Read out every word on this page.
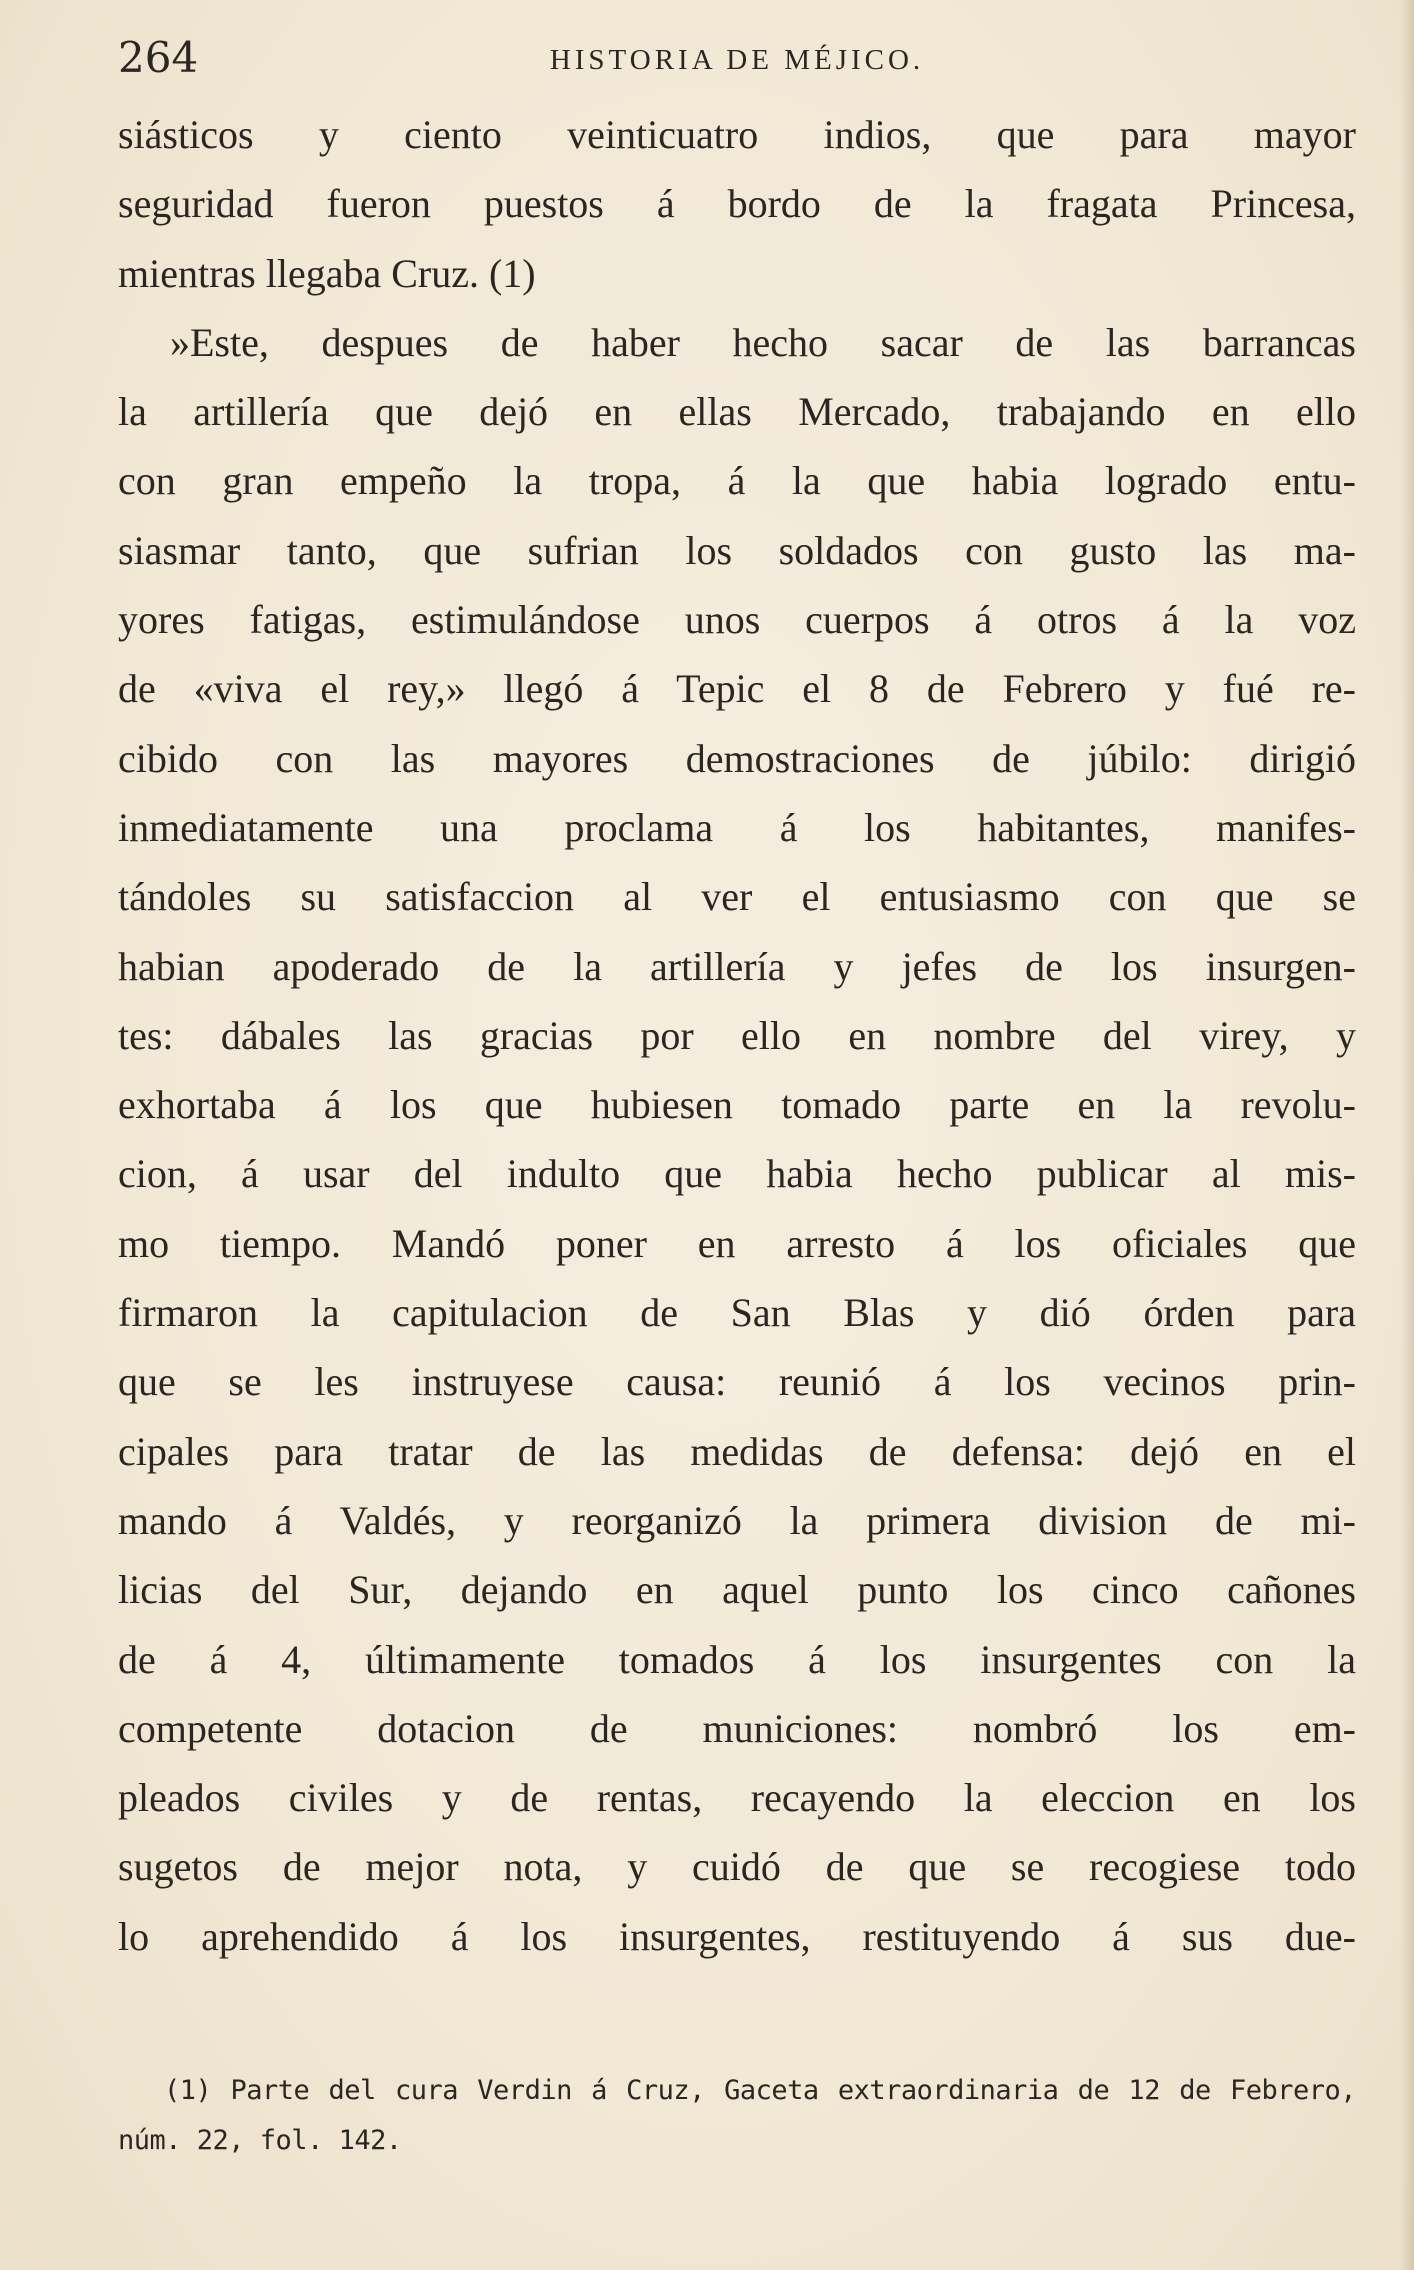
264	HISTORIA DE MÉJICO.
siásticos y ciento veinticuatro indios, que para mayor
seguridad fueron puestos á bordo de la fragata Princesa,
mientras llegaba Cruz. (1)
»Este, despues de haber hecho sacar de las barrancas
la artillería que dejó en ellas Mercado, trabajando en ello
con gran empeño la tropa, á la que habia logrado entu-
siasmar tanto, que sufrian los soldados con gusto las ma-
yores fatigas, estimulándose unos cuerpos á otros á la voz
de «viva el rey,» llegó á Tepic el 8 de Febrero y fué re-
cibido con las mayores demostraciones de júbilo: dirigió
inmediatamente una proclama á los habitantes, manifes-
tándoles su satisfaccion al ver el entusiasmo con que se
habian apoderado de la artillería y jefes de los insurgen-
tes: dábales las gracias por ello en nombre del virey, y
exhortaba á los que hubiesen tomado parte en la revolu-
cion, á usar del indulto que habia hecho publicar al mis-
mo tiempo. Mandó poner en arresto á los oficiales que
firmaron la capitulacion de San Blas y dió órden para
que se les instruyese causa: reunió á los vecinos prin-
cipales para tratar de las medidas de defensa: dejó en el
mando á Valdés, y reorganizó la primera division de mi-
licias del Sur, dejando en aquel punto los cinco cañones
de á 4, últimamente tomados á los insurgentes con la
competente dotacion de municiones: nombró los em-
pleados civiles y de rentas, recayendo la eleccion en los
sugetos de mejor nota, y cuidó de que se recogiese todo
lo aprehendido á los insurgentes, restituyendo á sus due-
(1) Parte del cura Verdin á Cruz, Gaceta extraordinaria de 12 de Febrero,
núm. 22, fol. 142.
